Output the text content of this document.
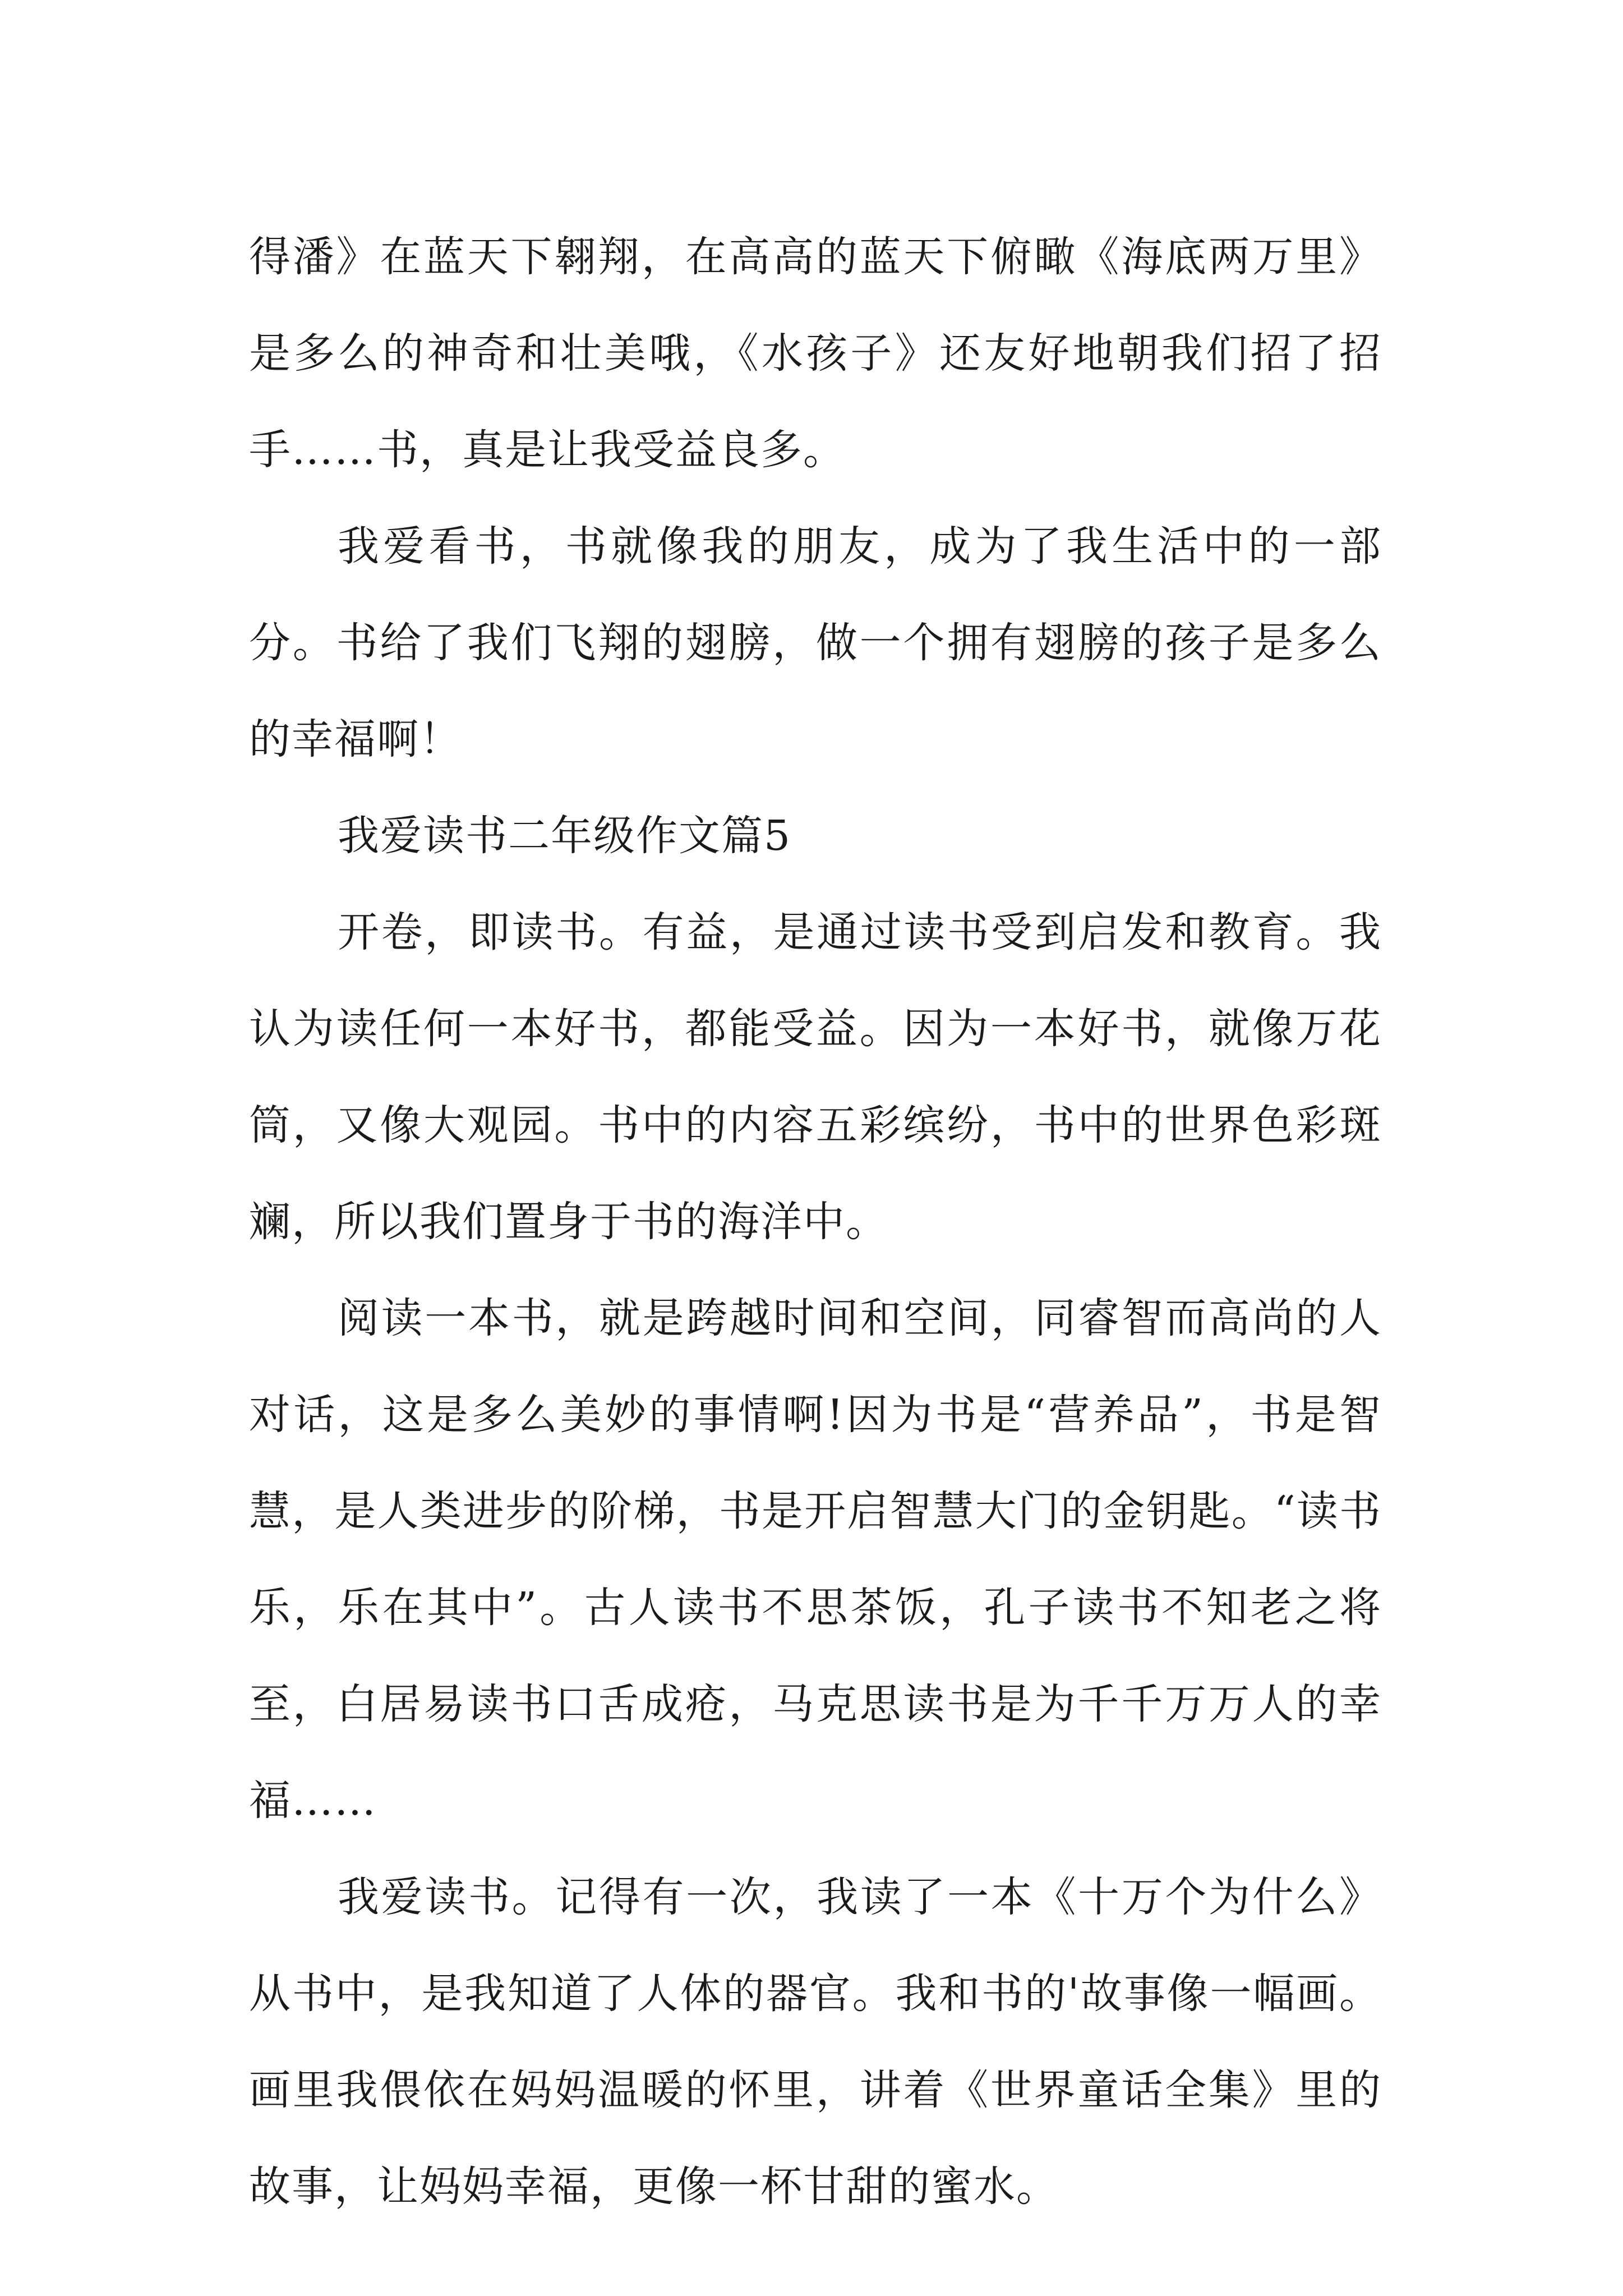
得潘》在蓝天下翱翔，在高高的蓝天下俯瞰《海底两万里》是多么的神奇和壮美哦，《水孩子》还友好地朝我们招了招手……书，真是让我受益良多。

我爱看书，书就像我的朋友，成为了我生活中的一部分。书给了我们飞翔的翅膀，做一个拥有翅膀的孩子是多么的幸福啊！

我爱读书二年级作文篇5

开卷，即读书。有益，是通过读书受到启发和教育。我认为读任何一本好书，都能受益。因为一本好书，就像万花筒，又像大观园。书中的内容五彩缤纷，书中的世界色彩斑斓，所以我们置身于书的海洋中。

阅读一本书，就是跨越时间和空间，同睿智而高尚的人对话，这是多么美妙的事情啊!因为书是“营养品”，书是智慧，是人类进步的阶梯，书是开启智慧大门的金钥匙。“读书乐，乐在其中”。古人读书不思茶饭，孔子读书不知老之将至，白居易读书口舌成疮，马克思读书是为千千万万人的幸福……

我爱读书。记得有一次，我读了一本《十万个为什么》从书中，是我知道了人体的器官。我和书的'故事像一幅画。画里我偎依在妈妈温暖的怀里，讲着《世界童话全集》里的故事，让妈妈幸福，更像一杯甘甜的蜜水。
